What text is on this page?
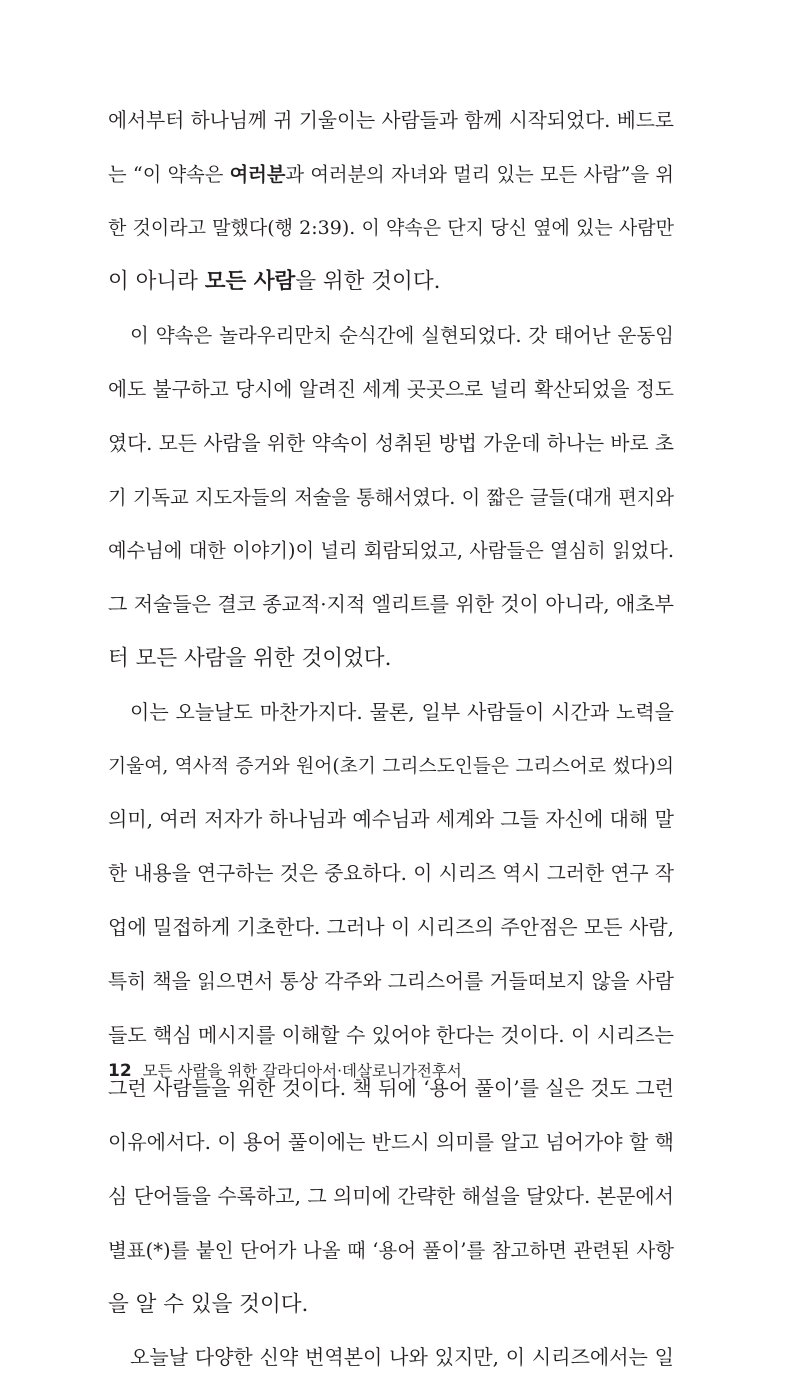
에서부터 하나님께 귀 기울이는 사람들과 함께 시작되었다. 베드로
는 “이 약속은 여러분과 여러분의 자녀와 멀리 있는 모든 사람”을 위
한 것이라고 말했다(행 2:39). 이 약속은 단지 당신 옆에 있는 사람만
이 아니라 모든 사람을 위한 것이다.
이 약속은 놀라우리만치 순식간에 실현되었다. 갓 태어난 운동임
에도 불구하고 당시에 알려진 세계 곳곳으로 널리 확산되었을 정도
였다. 모든 사람을 위한 약속이 성취된 방법 가운데 하나는 바로 초
기 기독교 지도자들의 저술을 통해서였다. 이 짧은 글들(대개 편지와
예수님에 대한 이야기)이 널리 회람되었고, 사람들은 열심히 읽었다.
그 저술들은 결코 종교적·지적 엘리트를 위한 것이 아니라, 애초부
터 모든 사람을 위한 것이었다.
이는 오늘날도 마찬가지다. 물론, 일부 사람들이 시간과 노력을
기울여, 역사적 증거와 원어(초기 그리스도인들은 그리스어로 썼다)의
의미, 여러 저자가 하나님과 예수님과 세계와 그들 자신에 대해 말
한 내용을 연구하는 것은 중요하다. 이 시리즈 역시 그러한 연구 작
업에 밀접하게 기초한다. 그러나 이 시리즈의 주안점은 모든 사람,
특히 책을 읽으면서 통상 각주와 그리스어를 거들떠보지 않을 사람
들도 핵심 메시지를 이해할 수 있어야 한다는 것이다. 이 시리즈는
그런 사람들을 위한 것이다. 책 뒤에 ‘용어 풀이’를 실은 것도 그런
이유에서다. 이 용어 풀이에는 반드시 의미를 알고 넘어가야 할 핵
심 단어들을 수록하고, 그 의미에 간략한 해설을 달았다. 본문에서
별표(*)를 붙인 단어가 나올 때 ‘용어 풀이’를 참고하면 관련된 사항
을 알 수 있을 것이다.
오늘날 다양한 신약 번역본이 나와 있지만, 이 시리즈에서는 일
12 모든 사람을 위한 갈라디아서·데살로니가전후서
